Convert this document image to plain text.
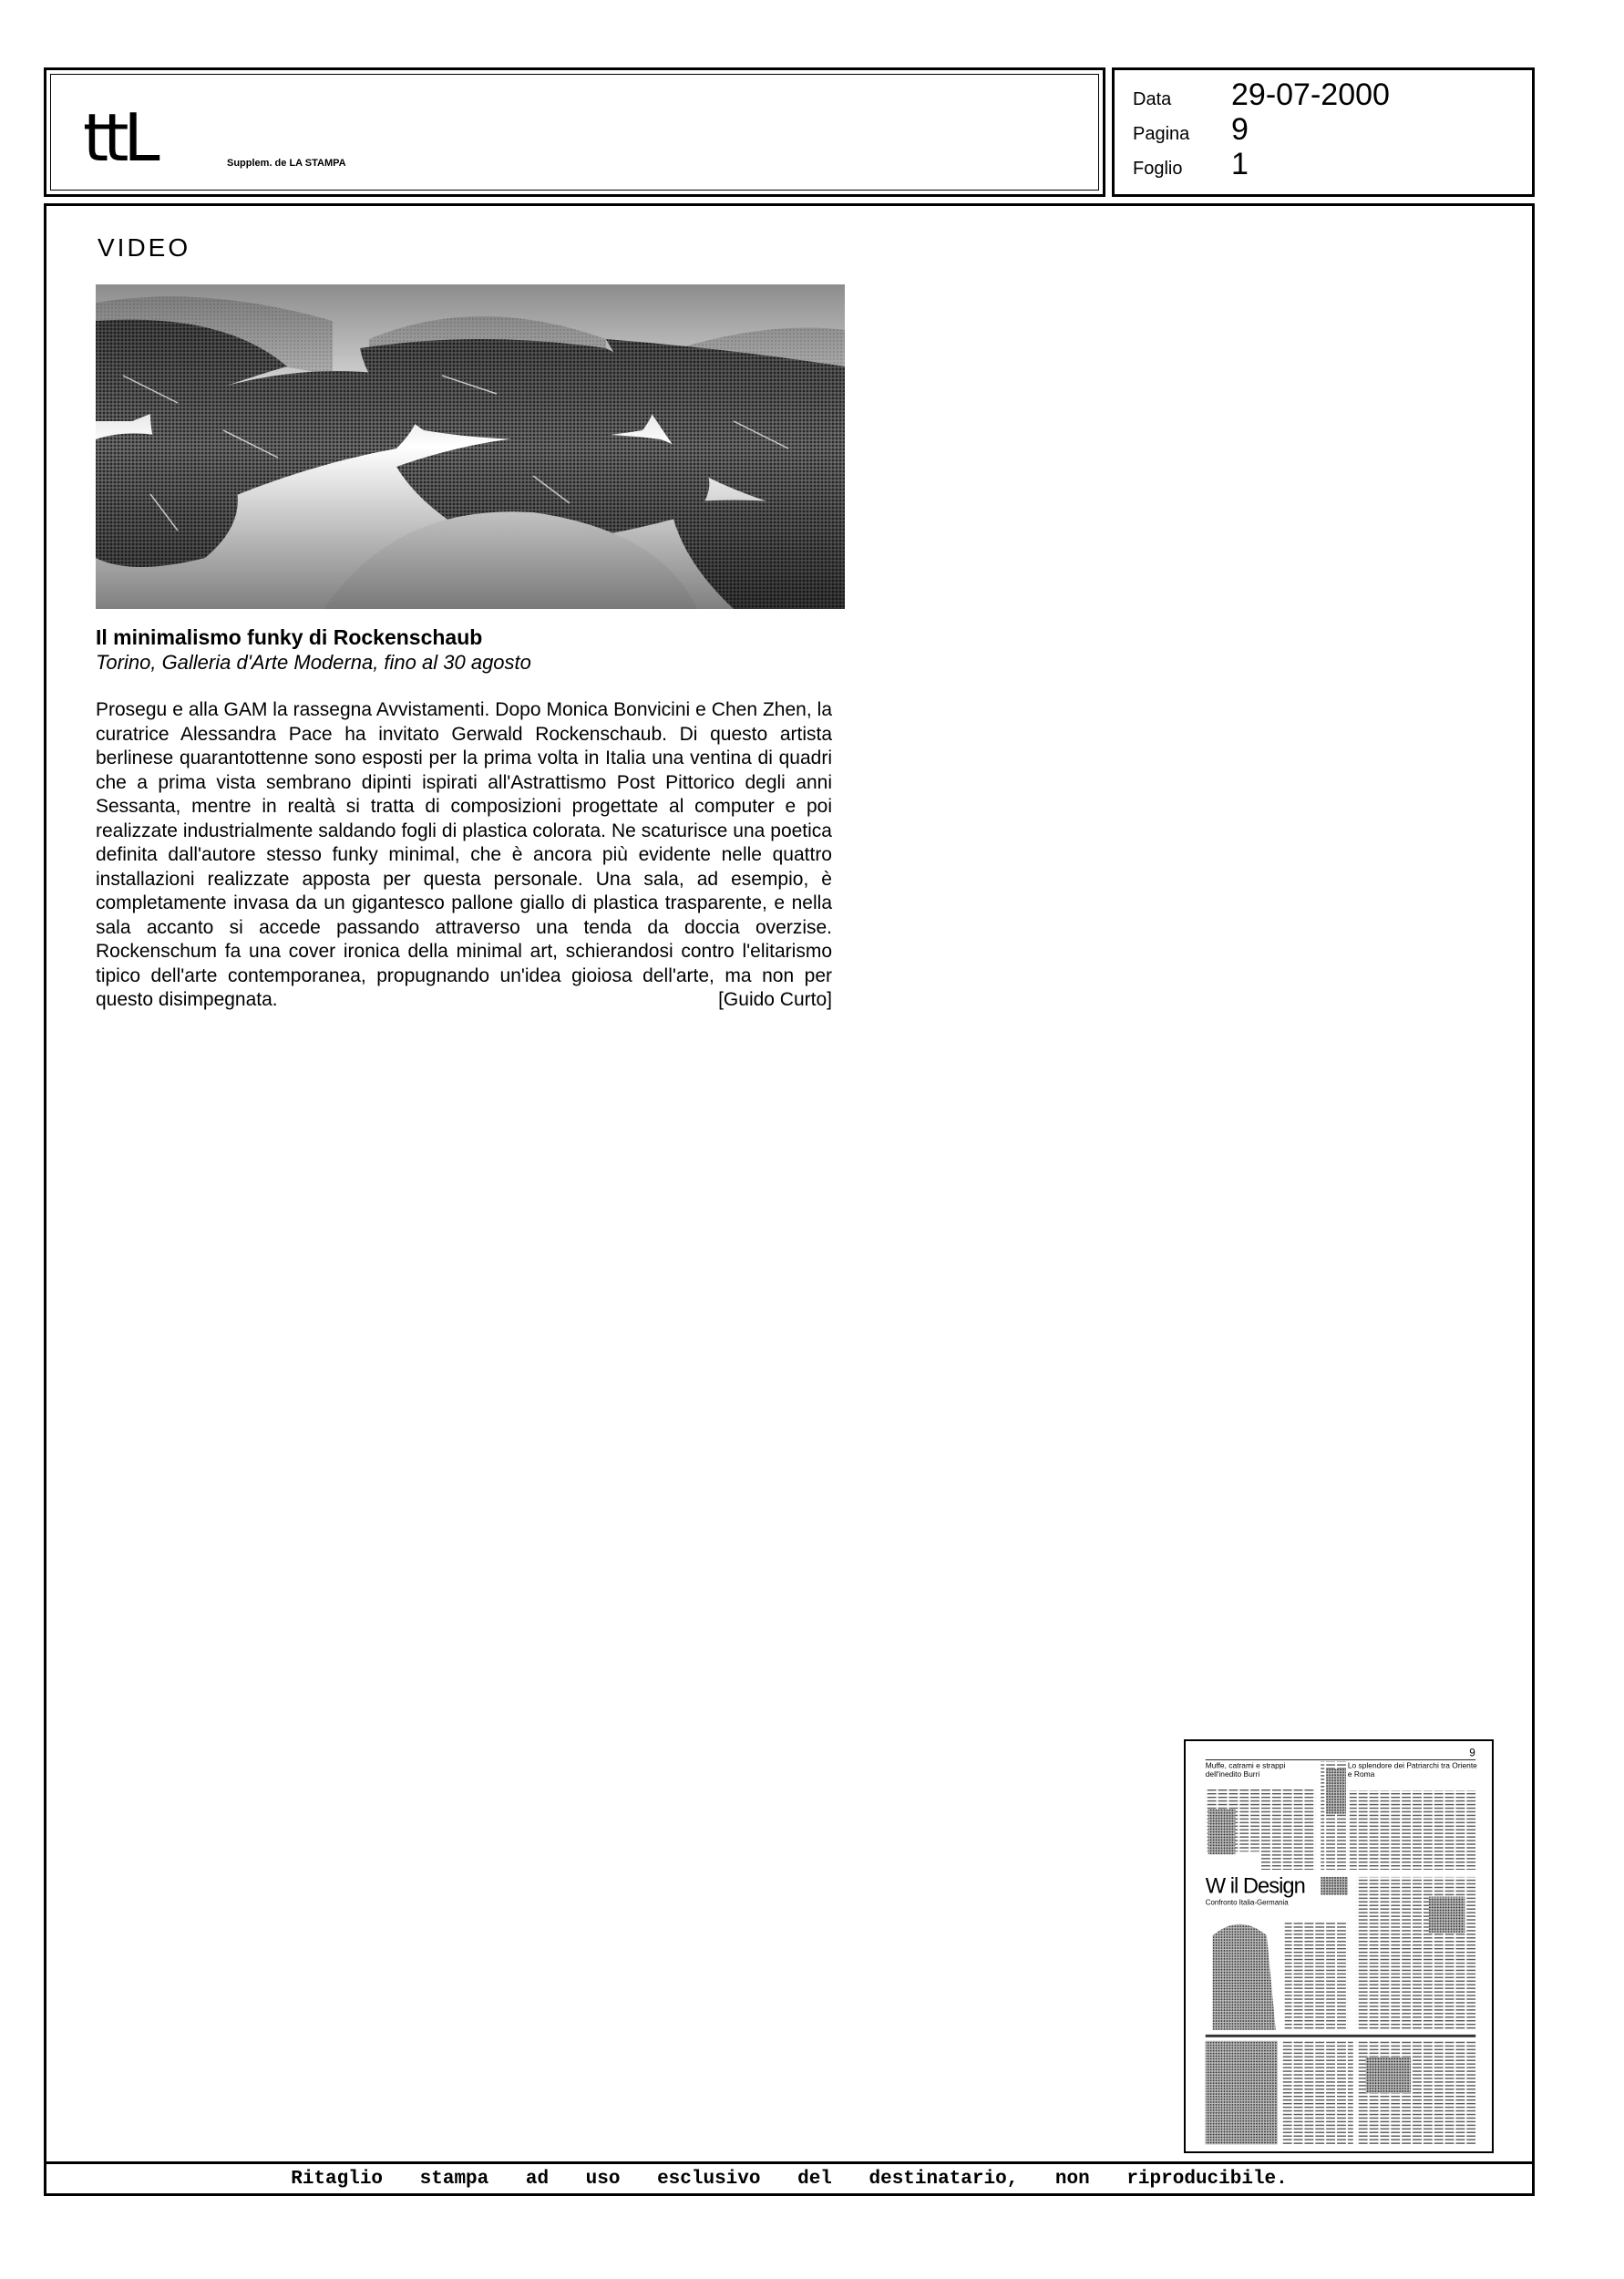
ttL	Supplem. de LA STAMPA
Data	29-07-2000
Pagina	9
Foglio	1
VIDEO
Il minimalismo funky di Rockenschaub
Torino, Galleria d'Arte Moderna, fino al 30 agosto

Prosegu e alla GAM la rassegna Avvistamenti. Dopo Monica Bonvicini e Chen Zhen, la curatrice Alessandra Pace ha invitato Gerwald Rockenschaub. Di questo artista berlinese quarantottenne sono esposti per la prima volta in Italia una ventina di quadri che a prima vista sembrano dipinti ispirati all'Astrattismo Post Pittorico degli anni Sessanta, mentre in realtà si tratta di composizioni progettate al computer e poi realizzate industrialmente saldando fogli di plastica colorata. Ne scaturisce una poetica definita dall'autore stesso funky minimal, che è ancora più evidente nelle quattro installazioni realizzate apposta per questa personale. Una sala, ad esempio, è completamente invasa da un gigantesco pallone giallo di plastica trasparente, e nella sala accanto si accede passando attraverso una tenda da doccia overzise. Rockenschum fa una cover ironica della minimal art, schierandosi contro l'elitarismo tipico dell'arte contemporanea, propugnando un'idea gioiosa dell'arte, ma non per questo disimpegnata.	[Guido Curto]

9
Muffe, catrami e strappi dell'inedito Burri
Lo splendore dei Patriarchi tra Oriente e Roma
W il Design
Confronto Italia-Germania
Ritaglio stampa ad uso esclusivo del destinatario, non riproducibile.
